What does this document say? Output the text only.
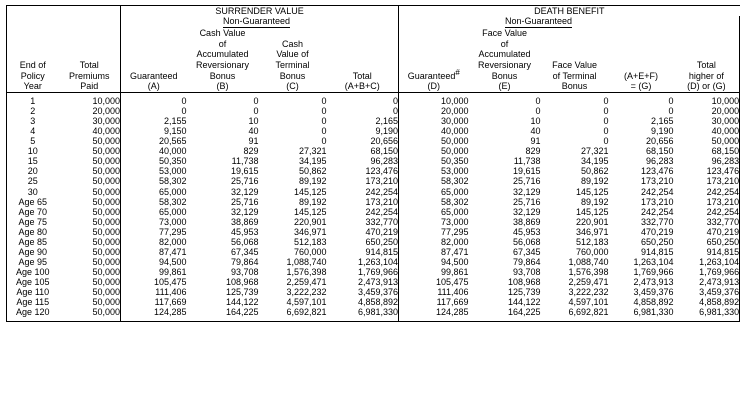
		SURRENDER VALUE				DEATH BENEFIT				
			Non-Guaranteed				Non-Guaranteed			

End of
Policy
Year

Total
Premiums
Paid

Guaranteed
(A)

Cash Value
of
Accumulated
Reversionary
Bonus
(B)

Cash
Value of
Terminal
Bonus
(C)

Total
(A+B+C)

Guaranteed#
(D)

Face Value
of
Accumulated
Reversionary
Bonus
(E)

Face Value
of Terminal
Bonus

(A+E+F)
= (G)

Total
higher of
(D) or (G)

1	10,000	0	0	0	0	10,000	0	0	0	10,000
2	20,000	0	0	0	0	20,000	0	0	0	20,000
3	30,000	2,155	10	0	2,165	30,000	10	0	2,165	30,000
4	40,000	9,150	40	0	9,190	40,000	40	0	9,190	40,000
5	50,000	20,565	91	0	20,656	50,000	91	0	20,656	50,000
10	50,000	40,000	829	27,321	68,150	50,000	829	27,321	68,150	68,150
15	50,000	50,350	11,738	34,195	96,283	50,350	11,738	34,195	96,283	96,283
20	50,000	53,000	19,615	50,862	123,476	53,000	19,615	50,862	123,476	123,476
25	50,000	58,302	25,716	89,192	173,210	58,302	25,716	89,192	173,210	173,210
30	50,000	65,000	32,129	145,125	242,254	65,000	32,129	145,125	242,254	242,254
Age 65	50,000	58,302	25,716	89,192	173,210	58,302	25,716	89,192	173,210	173,210
Age 70	50,000	65,000	32,129	145,125	242,254	65,000	32,129	145,125	242,254	242,254
Age 75	50,000	73,000	38,869	220,901	332,770	73,000	38,869	220,901	332,770	332,770
Age 80	50,000	77,295	45,953	346,971	470,219	77,295	45,953	346,971	470,219	470,219
Age 85	50,000	82,000	56,068	512,183	650,250	82,000	56,068	512,183	650,250	650,250
Age 90	50,000	87,471	67,345	760,000	914,815	87,471	67,345	760,000	914,815	914,815
Age 95	50,000	94,500	79,864	1,088,740	1,263,104	94,500	79,864	1,088,740	1,263,104	1,263,104
Age 100	50,000	99,861	93,708	1,576,398	1,769,966	99,861	93,708	1,576,398	1,769,966	1,769,966
Age 105	50,000	105,475	108,968	2,259,471	2,473,913	105,475	108,968	2,259,471	2,473,913	2,473,913
Age 110	50,000	111,406	125,739	3,222,232	3,459,376	111,406	125,739	3,222,232	3,459,376	3,459,376
Age 115	50,000	117,669	144,122	4,597,101	4,858,892	117,669	144,122	4,597,101	4,858,892	4,858,892
Age 120	50,000	124,285	164,225	6,692,821	6,981,330	124,285	164,225	6,692,821	6,981,330	6,981,330
